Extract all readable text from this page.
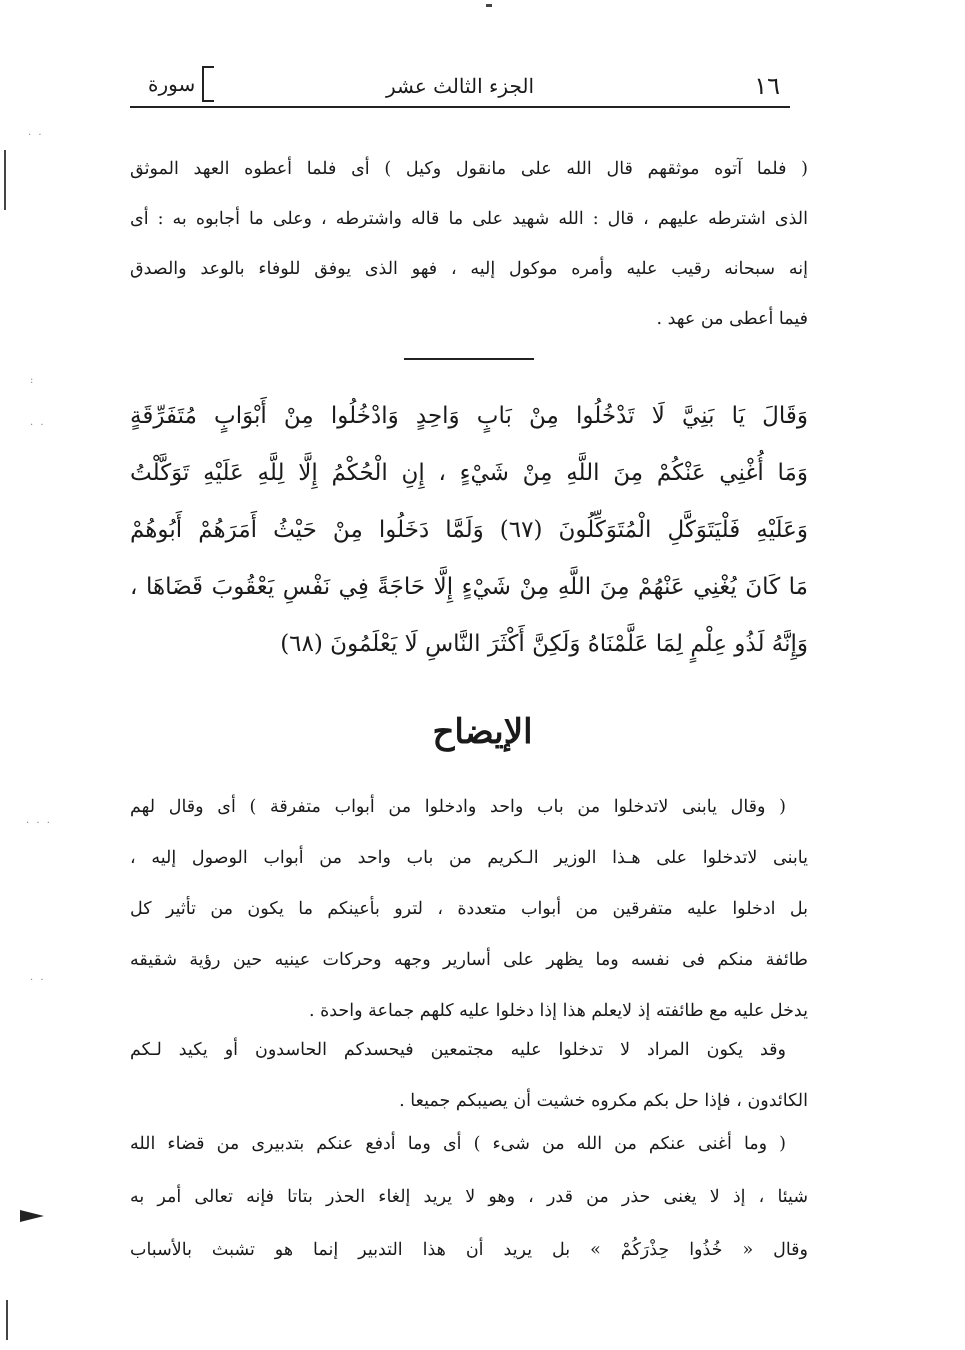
· ·
:
· ·
· · ·
· ·
١٦
الجزء الثالث عشر
سورة
( فلما آتوه موثقهم قال الله على مانقول وكيل ) أى فلما أعطوه العهد الموثق
الذى اشترطه عليهم ، قال : الله شهيد على ما قاله واشترطه ، وعلى ما أجابوه به : أى
إنه سبحانه رقيب عليه وأمره موكول إليه ، فهو الذى يوفق للوفاء بالوعد والصدق
فيما أعطى من عهد .
وَقَالَ يَا بَنِيَّ لَا تَدْخُلُوا مِنْ بَابٍ وَاحِدٍ وَادْخُلُوا مِنْ أَبْوَابٍ مُتَفَرِّقَةٍ
وَمَا أُغْنِي عَنْكُمْ مِنَ اللَّهِ مِنْ شَيْءٍ ، إِنِ الْحُكْمُ إِلَّا لِلَّهِ عَلَيْهِ تَوَكَّلْتُ
وَعَلَيْهِ فَلْيَتَوَكَّلِ الْمُتَوَكِّلُونَ (٦٧) وَلَمَّا دَخَلُوا مِنْ حَيْثُ أَمَرَهُمْ أَبُوهُمْ
مَا كَانَ يُغْنِي عَنْهُمْ مِنَ اللَّهِ مِنْ شَيْءٍ إِلَّا حَاجَةً فِي نَفْسِ يَعْقُوبَ قَضَاهَا ،
وَإِنَّهُ لَذُو عِلْمٍ لِمَا عَلَّمْنَاهُ وَلَكِنَّ أَكْثَرَ النَّاسِ لَا يَعْلَمُونَ (٦٨)
الإيضاح
( وقال يابنى لاتدخلوا من باب واحد وادخلوا من أبواب متفرقة ) أى وقال لهم
يابنى لاتدخلوا على هـذا الوزير الـكريم من باب واحد من أبواب الوصول إليه ،
بل ادخلوا عليه متفرقين من أبواب متعددة ، لترو بأعينكم ما يكون من تأثير كل
طائفة منكم فى نفسه وما يظهر على أسارير وجهه وحركات عينيه حين رؤية شقيقه
يدخل عليه مع طائفته إذ لايعلم هذا إذا دخلوا عليه كلهم جماعة واحدة .
وقد يكون المراد لا تدخلوا عليه مجتمعين فيحسدكم الحاسدون أو يكيد لـكم
الكائدون ، فإذا حل بكم مكروه خشيت أن يصيبكم جميعا .
( وما أغنى عنكم من الله من شىء ) أى وما أدفع عنكم بتدبيرى من قضاء الله
شيئا ، إذ لا يغنى حذر من قدر ، وهو لا يريد إلغاء الحذر بتاتا فإنه تعالى أمر به
وقال « خُذُوا حِذْرَكُمْ » بل يريد أن هذا التدبير إنما هو تشبث بالأسباب
